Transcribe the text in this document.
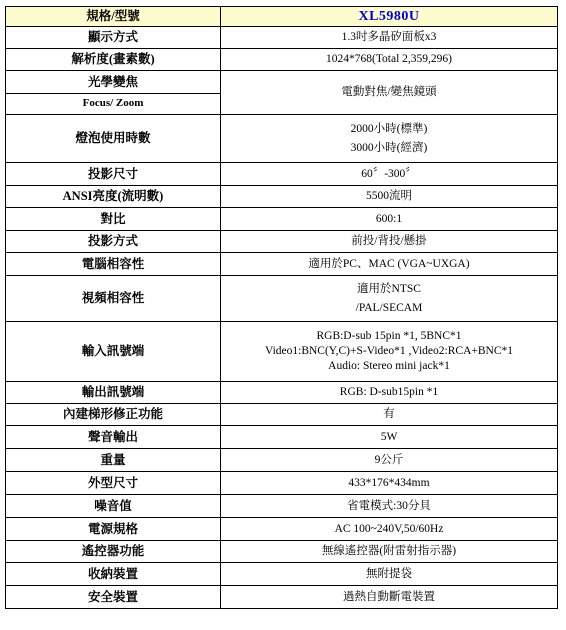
規格/型號	XL5980U
顯示方式	1.3吋多晶矽面板x3
解析度(畫素數)	1024*768(Total 2,359,296)

光學變焦
Focus/ Zoom	電動對焦/變焦鏡頭
燈泡使用時數	2000小時(標準)
3000小時(經濟)

投影尺寸	60〞-300〞
ANSI亮度(流明數)	5500流明
對比	600:1
投影方式	前投/背投/懸掛
電腦相容性	適用於PC、MAC (VGA~UXGA)
視頻相容性	適用於NTSC
/PAL/SECAM

輸入訊號端	RGB:D-sub 15pin *1, 5BNC*1
Video1:BNC(Y,C)+S-Video*1 ,Video2:RCA+BNC*1
Audio: Stereo mini jack*1

輸出訊號端	RGB: D-sub15pin *1
內建梯形修正功能	有
聲音輸出	5W
重量	9公斤
外型尺寸	433*176*434mm
噪音值	省電模式:30分貝
電源規格	AC 100~240V,50/60Hz
遙控器功能	無線遙控器(附雷射指示器)
收納裝置	無附提袋
安全裝置	過熱自動斷電裝置
